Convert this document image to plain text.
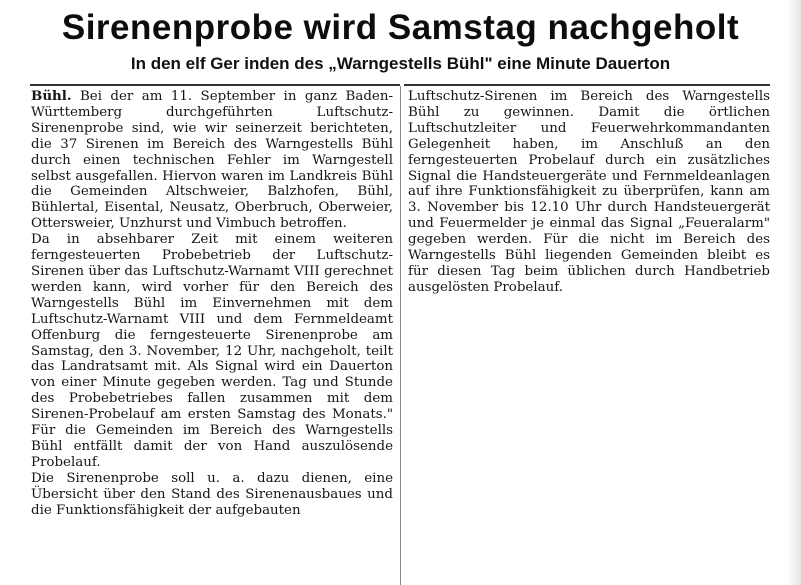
Sirenenprobe wird Samstag nachgeholt
In den elf Ger inden des „Warngestells Bühl" eine Minute Dauerton

Bühl. Bei der am 11. September in ganz Baden-Württemberg durchgeführten Luftschutz-Sirenenprobe sind, wie wir seinerzeit berichteten, die 37 Sirenen im Bereich des Warngestells Bühl durch einen technischen Fehler im Warngestell selbst ausgefallen. Hiervon waren im Landkreis Bühl die Gemeinden Altschweier, Balzhofen, Bühl, Bühlertal, Eisental, Neusatz, Oberbruch, Oberweier, Ottersweier, Unzhurst und Vimbuch betroffen.

Da in absehbarer Zeit mit einem weiteren ferngesteuerten Probebetrieb der Luftschutz-Sirenen über das Luftschutz-Warnamt VIII gerechnet werden kann, wird vorher für den Bereich des Warngestells Bühl im Einvernehmen mit dem Luftschutz-Warnamt VIII und dem Fernmeldeamt Offenburg die ferngesteuerte Sirenenprobe am Samstag, den 3. November, 12 Uhr, nachgeholt, teilt das Landratsamt mit. Als Signal wird ein Dauerton von einer Minute gegeben werden. Tag und Stunde des Probebetriebes fallen zusammen mit dem Sirenen-Probelauf am ersten Samstag des Monats." Für die Gemeinden im Bereich des Warngestells Bühl entfällt damit der von Hand auszulösende Probelauf.

Die Sirenenprobe soll u. a. dazu dienen, eine Übersicht über den Stand des Sirenenausbaues und die Funktionsfähigkeit der aufgebauten

Luftschutz-Sirenen im Bereich des Warngestells Bühl zu gewinnen. Damit die örtlichen Luftschutzleiter und Feuerwehrkommandanten Gelegenheit haben, im Anschluß an den ferngesteuerten Probelauf durch ein zusätzliches Signal die Handsteuergeräte und Fernmeldeanlagen auf ihre Funktionsfähigkeit zu überprüfen, kann am 3. November bis 12.10 Uhr durch Handsteuergerät und Feuermelder je einmal das Signal „Feueralarm" gegeben werden. Für die nicht im Bereich des Warngestells Bühl liegenden Gemeinden bleibt es für diesen Tag beim üblichen durch Handbetrieb ausgelösten Probelauf.
